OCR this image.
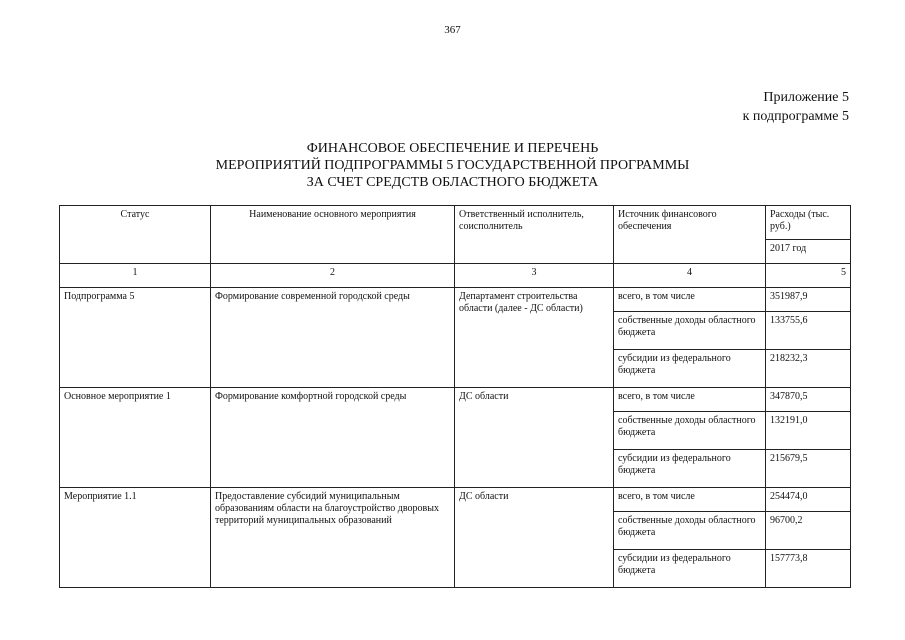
367
Приложение 5
к подпрограмме 5
ФИНАНСОВОЕ ОБЕСПЕЧЕНИЕ И ПЕРЕЧЕНЬ
МЕРОПРИЯТИЙ ПОДПРОГРАММЫ 5 ГОСУДАРСТВЕННОЙ ПРОГРАММЫ
ЗА СЧЕТ СРЕДСТВ ОБЛАСТНОГО БЮДЖЕТА
Статус	Наименование основного мероприятия	Ответственный исполнитель, соисполнитель	Источник финансового обеспечения	Расходы (тыс. руб.)
				2017 год
1	2	3	4	5
Подпрограмма 5	Формирование современной городской среды	Департамент строительства области (далее - ДС области)	всего, в том числе	351987,9
			собственные доходы областного бюджета	133755,6
			субсидии из федерального бюджета	218232,3
Основное мероприятие 1	Формирование комфортной городской среды	ДС области	всего, в том числе	347870,5
			собственные доходы областного бюджета	132191,0
			субсидии из федерального бюджета	215679,5
Мероприятие 1.1	Предоставление субсидий муниципальным образованиям области на благоустройство дворовых территорий муниципальных образований	ДС области	всего, в том числе	254474,0
			собственные доходы областного бюджета	96700,2
			субсидии из федерального бюджета	157773,8
